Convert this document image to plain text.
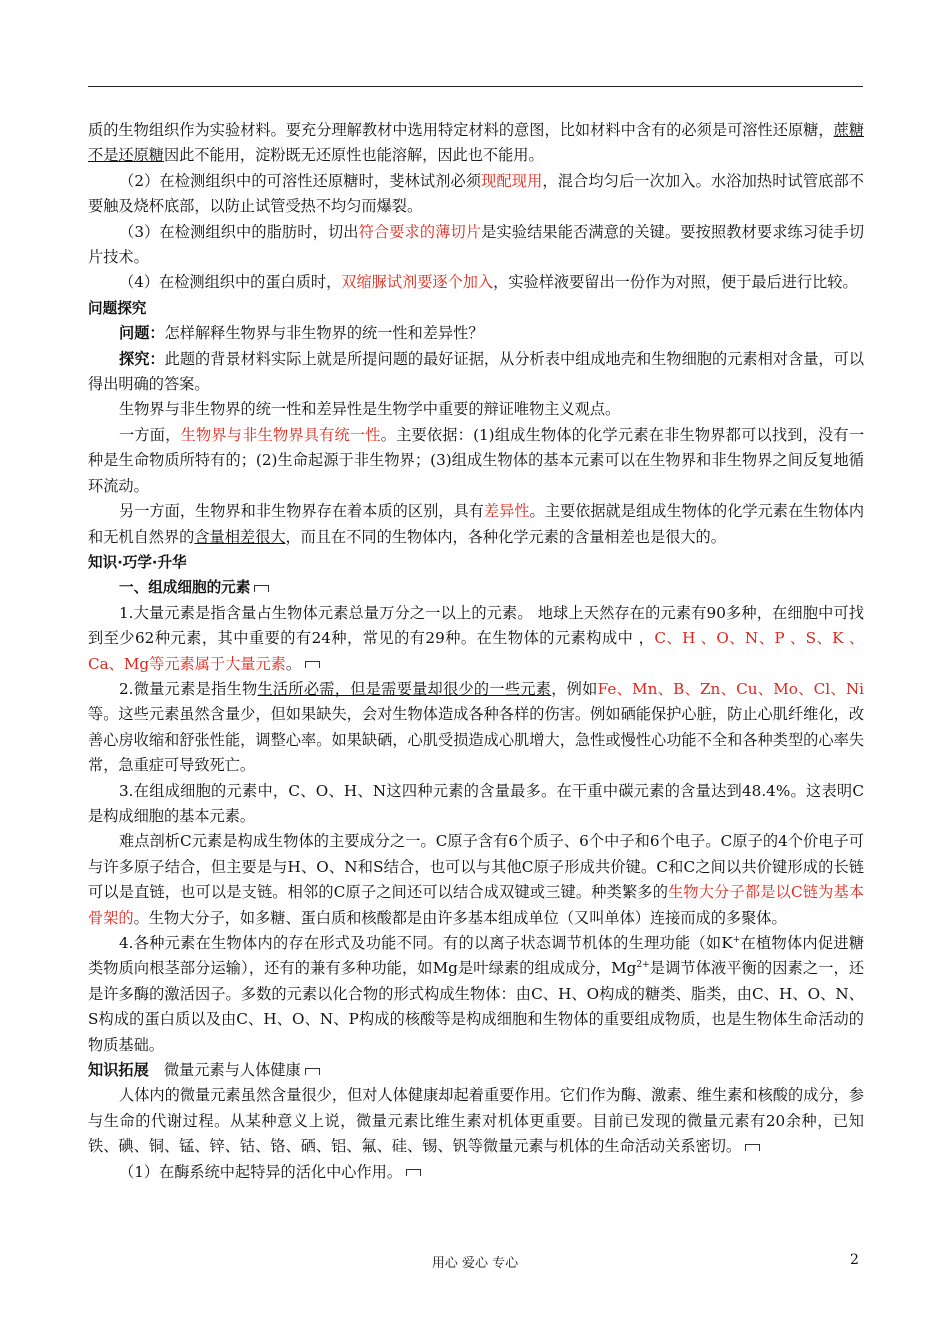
质的生物组织作为实验材料。要充分理解教材中选用特定材料的意图，比如材料中含有的必须是可溶性还原糖，蔗糖不是还原糖因此不能用，淀粉既无还原性也能溶解，因此也不能用。

（2）在检测组织中的可溶性还原糖时，斐林试剂必须现配现用，混合均匀后一次加入。水浴加热时试管底部不要触及烧杯底部，以防止试管受热不均匀而爆裂。

（3）在检测组织中的脂肪时，切出符合要求的薄切片是实验结果能否满意的关键。要按照教材要求练习徒手切片技术。

（4）在检测组织中的蛋白质时，双缩脲试剂要逐个加入，实验样液要留出一份作为对照，便于最后进行比较。

问题探究

问题：怎样解释生物界与非生物界的统一性和差异性？

探究：此题的背景材料实际上就是所提问题的最好证据，从分析表中组成地壳和生物细胞的元素相对含量，可以得出明确的答案。

生物界与非生物界的统一性和差异性是生物学中重要的辩证唯物主义观点。

一方面，生物界与非生物界具有统一性。主要依据：(1)组成生物体的化学元素在非生物界都可以找到，没有一种是生命物质所特有的；(2)生命起源于非生物界；(3)组成生物体的基本元素可以在生物界和非生物界之间反复地循环流动。

另一方面，生物界和非生物界存在着本质的区别，具有差异性。主要依据就是组成生物体的化学元素在生物体内和无机自然界的含量相差很大，而且在不同的生物体内，各种化学元素的含量相差也是很大的。

知识·巧学·升华

一、组成细胞的元素

1.大量元素是指含量占生物体元素总量万分之一以上的元素。 地球上天然存在的元素有90多种，在细胞中可找到至少62种元素，其中重要的有24种，常见的有29种。在生物体的元素构成中 ，C、H 、O、N、P 、S、K 、Ca、Mg等元素属于大量元素。

2.微量元素是指生物生活所必需，但是需要量却很少的一些元素，例如Fe、Mn、B、Zn、Cu、Mo、Cl、Ni等。这些元素虽然含量少，但如果缺失，会对生物体造成各种各样的伤害。例如硒能保护心脏，防止心肌纤维化，改善心房收缩和舒张性能，调整心率。如果缺硒，心肌受损造成心肌增大，急性或慢性心功能不全和各种类型的心率失常，急重症可导致死亡。

3.在组成细胞的元素中，C、O、H、N这四种元素的含量最多。在干重中碳元素的含量达到48.4%。这表明C是构成细胞的基本元素。

难点剖析C元素是构成生物体的主要成分之一。C原子含有6个质子、6个中子和6个电子。C原子的4个价电子可与许多原子结合，但主要是与H、O、N和S结合，也可以与其他C原子形成共价键。C和C之间以共价键形成的长链可以是直链，也可以是支链。相邻的C原子之间还可以结合成双键或三键。种类繁多的生物大分子都是以C链为基本骨架的。生物大分子，如多糖、蛋白质和核酸都是由许多基本组成单位（又叫单体）连接而成的多聚体。

4.各种元素在生物体内的存在形式及功能不同。有的以离子状态调节机体的生理功能（如K+在植物体内促进糖类物质向根茎部分运输），还有的兼有多种功能，如Mg是叶绿素的组成成分，$Mg^{2+}$是调节体液平衡的因素之一，还是许多酶的激活因子。多数的元素以化合物的形式构成生物体：由C、H、O构成的糖类、脂类，由C、H、O、N、S构成的蛋白质以及由C、H、O、N、P构成的核酸等是构成细胞和生物体的重要组成物质，也是生物体生命活动的物质基础。

知识拓展  微量元素与人体健康

人体内的微量元素虽然含量很少，但对人体健康却起着重要作用。它们作为酶、激素、维生素和核酸的成分，参与生命的代谢过程。从某种意义上说，微量元素比维生素对机体更重要。目前已发现的微量元素有20余种，已知铁、碘、铜、锰、锌、钴、铬、硒、铝、氟、硅、锡、钒等微量元素与机体的生命活动关系密切。

（1）在酶系统中起特异的活化中心作用。

用心 爱心 专心	2
